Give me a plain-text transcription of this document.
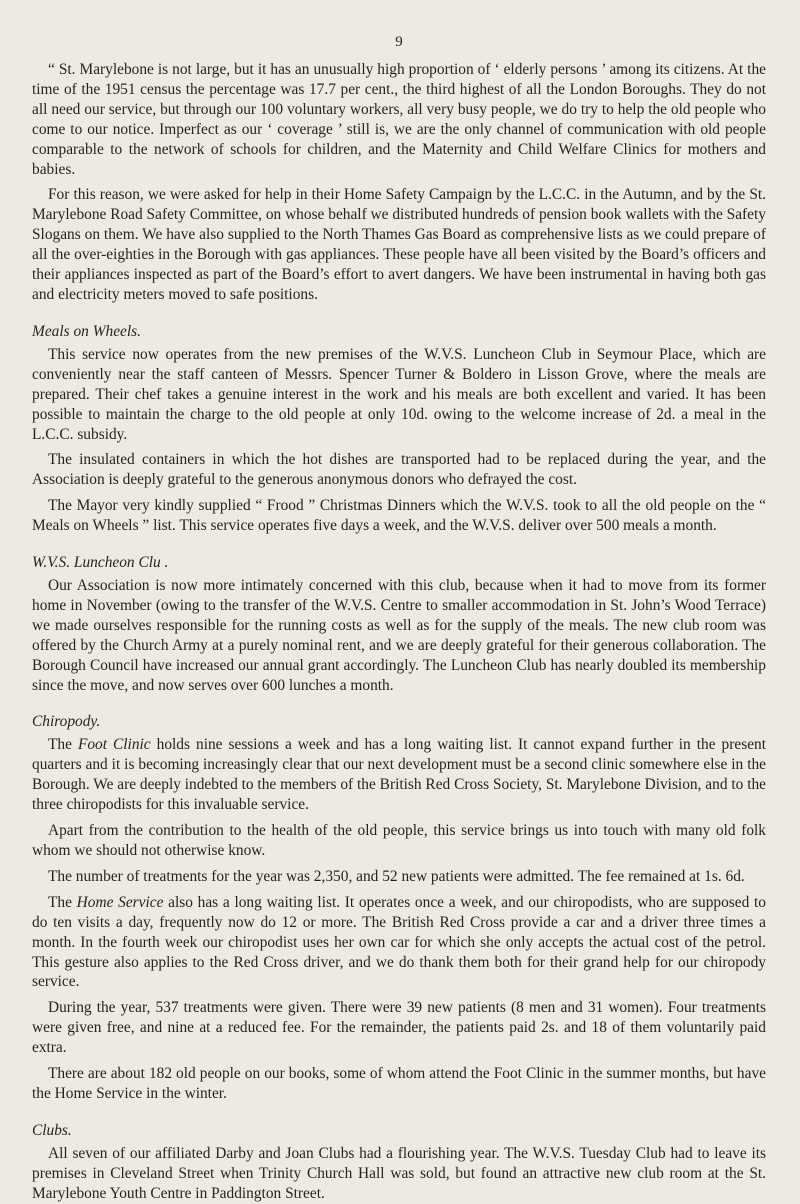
9

“ St. Marylebone is not large, but it has an unusually high proportion of ‘ elderly persons ’ among its citizens. At the time of the 1951 census the percentage was 17.7 per cent., the third highest of all the London Boroughs. They do not all need our service, but through our 100 voluntary workers, all very busy people, we do try to help the old people who come to our notice. Imperfect as our ‘ coverage ’ still is, we are the only channel of communication with old people comparable to the network of schools for children, and the Maternity and Child Welfare Clinics for mothers and babies.

For this reason, we were asked for help in their Home Safety Campaign by the L.C.C. in the Autumn, and by the St. Marylebone Road Safety Committee, on whose behalf we distributed hundreds of pension book wallets with the Safety Slogans on them. We have also supplied to the North Thames Gas Board as comprehensive lists as we could prepare of all the over-eighties in the Borough with gas appliances. These people have all been visited by the Board’s officers and their appliances inspected as part of the Board’s effort to avert dangers. We have been instrumental in having both gas and electricity meters moved to safe positions.

Meals on Wheels.

This service now operates from the new premises of the W.V.S. Luncheon Club in Seymour Place, which are conveniently near the staff canteen of Messrs. Spencer Turner & Boldero in Lisson Grove, where the meals are prepared. Their chef takes a genuine interest in the work and his meals are both excellent and varied. It has been possible to maintain the charge to the old people at only 10d. owing to the welcome increase of 2d. a meal in the L.C.C. subsidy.

The insulated containers in which the hot dishes are transported had to be replaced during the year, and the Association is deeply grateful to the generous anonymous donors who defrayed the cost.

The Mayor very kindly supplied “ Frood ” Christmas Dinners which the W.V.S. took to all the old people on the “ Meals on Wheels ” list. This service operates five days a week, and the W.V.S. deliver over 500 meals a month.

W.V.S. Luncheon Clu .

Our Association is now more intimately concerned with this club, because when it had to move from its former home in November (owing to the transfer of the W.V.S. Centre to smaller accommodation in St. John’s Wood Terrace) we made ourselves responsible for the running costs as well as for the supply of the meals. The new club room was offered by the Church Army at a purely nominal rent, and we are deeply grateful for their generous collaboration. The Borough Council have increased our annual grant accordingly. The Luncheon Club has nearly doubled its membership since the move, and now serves over 600 lunches a month.

Chiropody.

The Foot Clinic holds nine sessions a week and has a long waiting list. It cannot expand further in the present quarters and it is becoming increasingly clear that our next development must be a second clinic somewhere else in the Borough. We are deeply indebted to the members of the British Red Cross Society, St. Marylebone Division, and to the three chiropodists for this invaluable service.

Apart from the contribution to the health of the old people, this service brings us into touch with many old folk whom we should not otherwise know.

The number of treatments for the year was 2,350, and 52 new patients were admitted. The fee remained at 1s. 6d.

The Home Service also has a long waiting list. It operates once a week, and our chiropodists, who are supposed to do ten visits a day, frequently now do 12 or more. The British Red Cross provide a car and a driver three times a month. In the fourth week our chiropodist uses her own car for which she only accepts the actual cost of the petrol. This gesture also applies to the Red Cross driver, and we do thank them both for their grand help for our chiropody service.

During the year, 537 treatments were given. There were 39 new patients (8 men and 31 women). Four treatments were given free, and nine at a reduced fee. For the remainder, the patients paid 2s. and 18 of them voluntarily paid extra.

There are about 182 old people on our books, some of whom attend the Foot Clinic in the summer months, but have the Home Service in the winter.

Clubs.

All seven of our affiliated Darby and Joan Clubs had a flourishing year. The W.V.S. Tuesday Club had to leave its premises in Cleveland Street when Trinity Church Hall was sold, but found an attractive new club room at the St. Marylebone Youth Centre in Paddington Street.
